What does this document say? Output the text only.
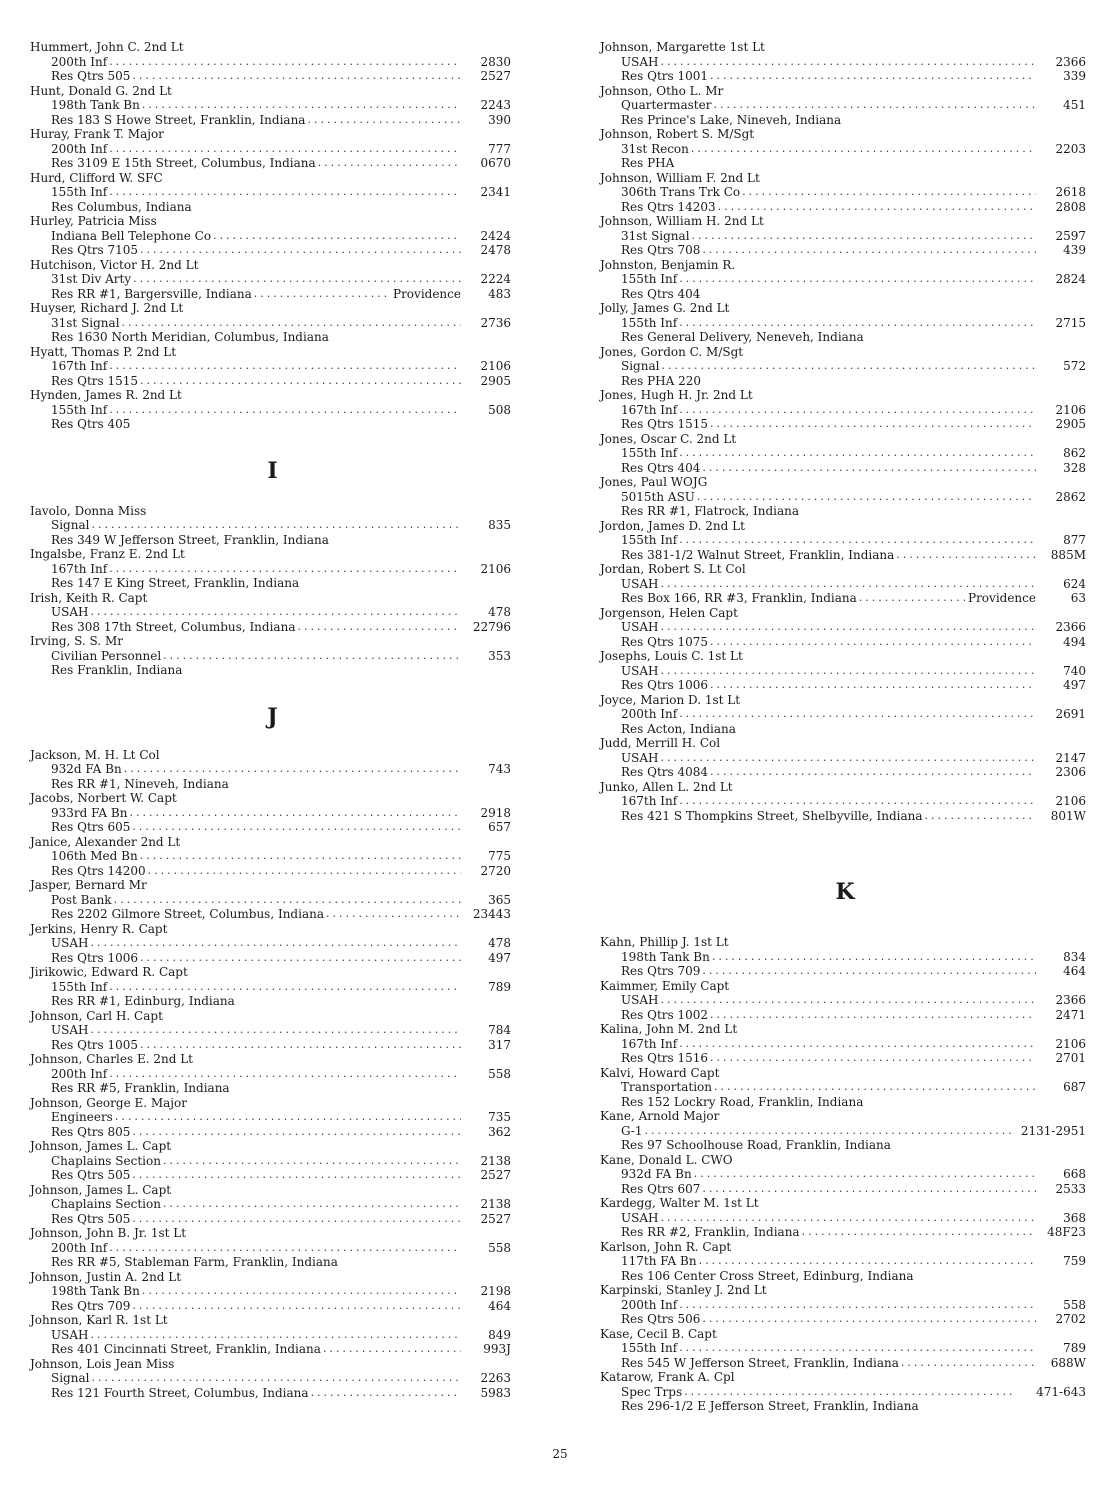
Hummert, John C. 2nd Lt
200th Inf .....	2830
Res Qtrs 505 .....	2527
Hunt, Donald G. 2nd Lt
198th Tank Bn .....	2243
Res 183 S Howe Street, Franklin, Indiana .....	390
Huray, Frank T. Major
200th Inf .....	777
Res 3109 E 15th Street, Columbus, Indiana .....	0670
Hurd, Clifford W. SFC
155th Inf .....	2341
Res Columbus, Indiana
Hurley, Patricia Miss
Indiana Bell Telephone Co .....	2424
Res Qtrs 7105 .....	2478
Hutchison, Victor H. 2nd Lt
31st Div Arty .....	2224
Res RR #1, Bargersville, Indiana .....	Providence	483
Huyser, Richard J. 2nd Lt
31st Signal .....	2736
Res 1630 North Meridian, Columbus, Indiana
Hyatt, Thomas P. 2nd Lt
167th Inf .....	2106
Res Qtrs 1515 .....	2905
Hynden, James R. 2nd Lt
155th Inf .....	508
Res Qtrs 405
I
Iavolo, Donna Miss
Signal .....	835
Res 349 W Jefferson Street, Franklin, Indiana
Ingalsbe, Franz E. 2nd Lt
167th Inf .....	2106
Res 147 E King Street, Franklin, Indiana
Irish, Keith R. Capt
USAH .....	478
Res 308 17th Street, Columbus, Indiana .....	22796
Irving, S. S. Mr
Civilian Personnel .....	353
Res Franklin, Indiana
J
Jackson, M. H. Lt Col
932d FA Bn .....	743
Res RR #1, Nineveh, Indiana
Jacobs, Norbert W. Capt
933rd FA Bn .....	2918
Res Qtrs 605 .....	657
Janice, Alexander 2nd Lt
106th Med Bn .....	775
Res Qtrs 14200 .....	2720
Jasper, Bernard Mr
Post Bank .....	365
Res 2202 Gilmore Street, Columbus, Indiana .....	23443
Jerkins, Henry R. Capt
USAH .....	478
Res Qtrs 1006 .....	497
Jirikowic, Edward R. Capt
155th Inf .....	789
Res RR #1, Edinburg, Indiana
Johnson, Carl H. Capt
USAH .....	784
Res Qtrs 1005 .....	317
Johnson, Charles E. 2nd Lt
200th Inf .....	558
Res RR #5, Franklin, Indiana
Johnson, George E. Major
Engineers .....	735
Res Qtrs 805 .....	362
Johnson, James L. Capt
Chaplains Section .....	2138
Res Qtrs 505 .....	2527
Johnson, James L. Capt
Chaplains Section .....	2138
Res Qtrs 505 .....	2527
Johnson, John B. Jr. 1st Lt
200th Inf .....	558
Res RR #5, Stableman Farm, Franklin, Indiana
Johnson, Justin A. 2nd Lt
198th Tank Bn .....	2198
Res Qtrs 709 .....	464
Johnson, Karl R. 1st Lt
USAH .....	849
Res 401 Cincinnati Street, Franklin, Indiana .....	993J
Johnson, Lois Jean Miss
Signal .....	2263
Res 121 Fourth Street, Columbus, Indiana .....	5983
Johnson, Margarette 1st Lt
USAH .....	2366
Res Qtrs 1001 .....	339
Johnson, Otho L. Mr
Quartermaster .....	451
Res Prince's Lake, Nineveh, Indiana
Johnson, Robert S. M/Sgt
31st Recon .....	2203
Res PHA
Johnson, William F. 2nd Lt
306th Trans Trk Co .....	2618
Res Qtrs 14203 .....	2808
Johnson, William H. 2nd Lt
31st Signal .....	2597
Res Qtrs 708 .....	439
Johnston, Benjamin R.
155th Inf .....	2824
Res Qtrs 404
Jolly, James G. 2nd Lt
155th Inf .....	2715
Res General Delivery, Neneveh, Indiana
Jones, Gordon C. M/Sgt
Signal .....	572
Res PHA 220
Jones, Hugh H. Jr. 2nd Lt
167th Inf .....	2106
Res Qtrs 1515 .....	2905
Jones, Oscar C. 2nd Lt
155th Inf .....	862
Res Qtrs 404 .....	328
Jones, Paul WOJG
5015th ASU .....	2862
Res RR #1, Flatrock, Indiana
Jordon, James D. 2nd Lt
155th Inf .....	877
Res 381-1/2 Walnut Street, Franklin, Indiana .....	885M
Jordan, Robert S. Lt Col
USAH .....	624
Res Box 166, RR #3, Franklin, Indiana .....	Providence	63
Jorgenson, Helen Capt
USAH .....	2366
Res Qtrs 1075 .....	494
Josephs, Louis C. 1st Lt
USAH .....	740
Res Qtrs 1006 .....	497
Joyce, Marion D. 1st Lt
200th Inf .....	2691
Res Acton, Indiana
Judd, Merrill H. Col
USAH .....	2147
Res Qtrs 4084 .....	2306
Junko, Allen L. 2nd Lt
167th Inf .....	2106
Res 421 S Thompkins Street, Shelbyville, Indiana .....	801W
K
Kahn, Phillip J. 1st Lt
198th Tank Bn .....	834
Res Qtrs 709 .....	464
Kaimmer, Emily Capt
USAH .....	2366
Res Qtrs 1002 .....	2471
Kalina, John M. 2nd Lt
167th Inf .....	2106
Res Qtrs 1516 .....	2701
Kalvi, Howard Capt
Transportation .....	687
Res 152 Lockry Road, Franklin, Indiana
Kane, Arnold Major
G-1 .....	2131-2951
Res 97 Schoolhouse Road, Franklin, Indiana
Kane, Donald L. CWO
932d FA Bn .....	668
Res Qtrs 607 .....	2533
Kardegg, Walter M. 1st Lt
USAH .....	368
Res RR #2, Franklin, Indiana .....	48F23
Karlson, John R. Capt
117th FA Bn .....	759
Res 106 Center Cross Street, Edinburg, Indiana
Karpinski, Stanley J. 2nd Lt
200th Inf .....	558
Res Qtrs 506 .....	2702
Kase, Cecil B. Capt
155th Inf .....	789
Res 545 W Jefferson Street, Franklin, Indiana .....	688W
Katarow, Frank A. Cpl
Spec Trps .....	471-643
Res 296-1/2 E Jefferson Street, Franklin, Indiana
25
